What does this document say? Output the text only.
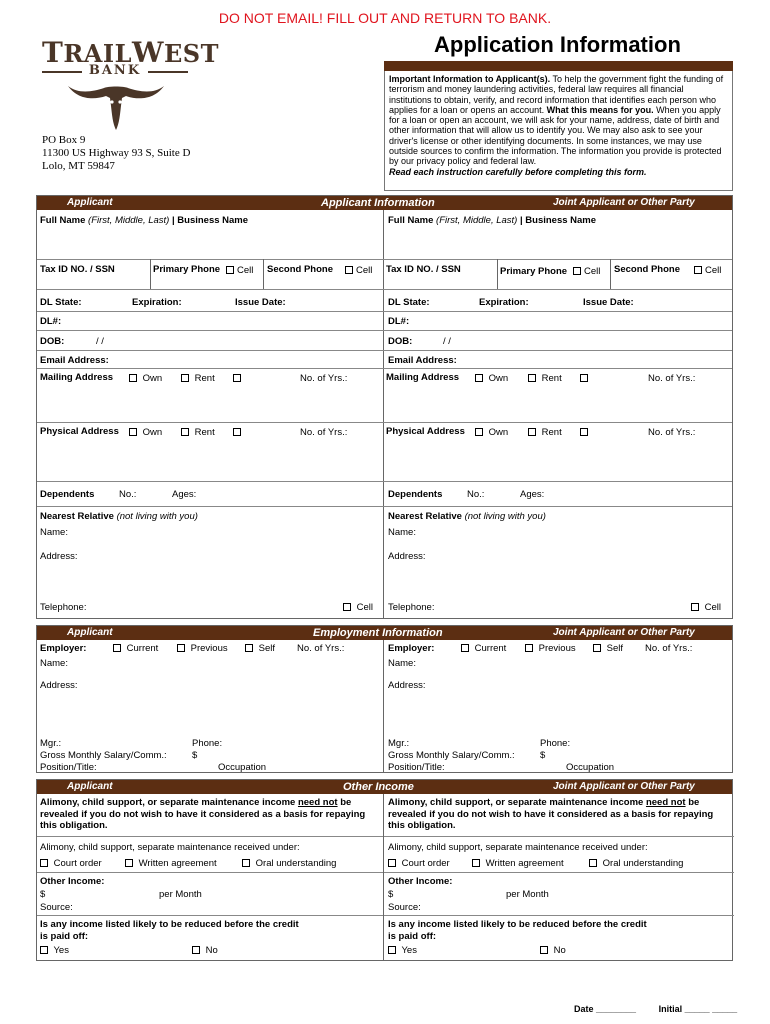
DO NOT EMAIL! FILL OUT AND RETURN TO BANK.
Application Information
TRAILWEST
BANK
PO Box 9
11300 US Highway 93 S, Suite D
Lolo, MT 59847
Important Information to Applicant(s). To help the government fight the funding of terrorism and money laundering activities, federal law requires all financial institutions to obtain, verify, and record information that identifies each person who applies for a loan or opens an account. What this means for you. When you apply for a loan or open an account, we will ask for your name, address, date of birth and other information that will allow us to identify you. We may also ask to see your driver's license or other identifying documents. In some instances, we may use outside sources to confirm the information. The information you provide is protected by our privacy policy and federal law.
Read each instruction carefully before completing this form.
Applicant	Applicant Information	Joint Applicant or Other Party
Full Name (First, Middle, Last) | Business Name	Full Name (First, Middle, Last) | Business Name
Tax ID NO. / SSN	Primary Phone	Cell Second Phone	Cell Tax ID NO. / SSN	Primary Phone	Cell Second Phone	Cell
DL State:	Expiration:	Issue Date:	DL State:	Expiration:	Issue Date:
DL#:	DL#:
DOB:	/ /	DOB:	/ /
Email Address:	Email Address:
Mailing Address	Own	Rent	No. of Yrs.:	Mailing Address	Own	Rent	No. of Yrs.:
Physical Address	Own	Rent	No. of Yrs.:	Physical Address	Own	Rent	No. of Yrs.:
Dependents	No.:	Ages:	Dependents	No.:	Ages:
Nearest Relative (not living with you)
Name:
Address:
Telephone:	Cell
Nearest Relative (not living with you)
Name:
Address:
Telephone:	Cell
Applicant	Employment Information	Joint Applicant or Other Party
Employer:	Current	Previous	Self No. of Yrs.:
Name:
Address:
Mgr.:	Phone:
Gross Monthly Salary/Comm.:	$
Position/Title:	Occupation
Employer:	Current	Previous	Self No. of Yrs.:
Name:
Address:
Mgr.:	Phone:
Gross Monthly Salary/Comm.:	$
Position/Title:	Occupation
Applicant	Other Income	Joint Applicant or Other Party
Alimony, child support, or separate maintenance income need not be revealed if you do not wish to have it considered as a basis for repaying this obligation.
Alimony, child support, separate maintenance received under:
Court order	Written agreement	Oral understanding
Other Income:
$	per Month
Source:
Is any income listed likely to be reduced before the credit is paid off:
Yes	No
Alimony, child support, or separate maintenance income need not be revealed if you do not wish to have it considered as a basis for repaying this obligation.
Alimony, child support, separate maintenance received under:
Court order	Written agreement	Oral understanding
Other Income:
$	per Month
Source:
Is any income listed likely to be reduced before the credit is paid off:
Yes	No
Date ________	Initial _____ _____
